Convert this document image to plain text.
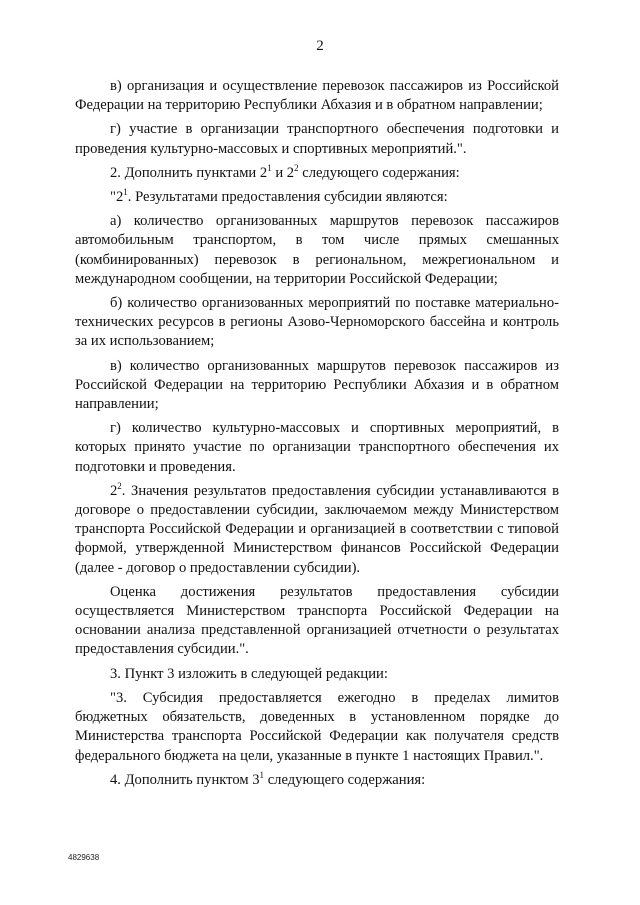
2

в) организация и осуществление перевозок пассажиров из Российской Федерации на территорию Республики Абхазия и в обратном направлении;

г) участие в организации транспортного обеспечения подготовки и проведения культурно-массовых и спортивных мероприятий.".

2. Дополнить пунктами $2^1$ и $2^2$ следующего содержания:

"$2^1$. Результатами предоставления субсидии являются:

а) количество организованных маршрутов перевозок пассажиров автомобильным транспортом, в том числе прямых смешанных (комбинированных) перевозок в региональном, межрегиональном и международном сообщении, на территории Российской Федерации;

б) количество организованных мероприятий по поставке материально-технических ресурсов в регионы Азово-Черноморского бассейна и контроль за их использованием;

в) количество организованных маршрутов перевозок пассажиров из Российской Федерации на территорию Республики Абхазия и в обратном направлении;

г) количество культурно-массовых и спортивных мероприятий, в которых принято участие по организации транспортного обеспечения их подготовки и проведения.

$2^2$. Значения результатов предоставления субсидии устанавливаются в договоре о предоставлении субсидии, заключаемом между Министерством транспорта Российской Федерации и организацией в соответствии с типовой формой, утвержденной Министерством финансов Российской Федерации (далее - договор о предоставлении субсидии).

Оценка достижения результатов предоставления субсидии осуществляется Министерством транспорта Российской Федерации на основании анализа представленной организацией отчетности о результатах предоставления субсидии.".

3. Пункт 3 изложить в следующей редакции:

"3. Субсидия предоставляется ежегодно в пределах лимитов бюджетных обязательств, доведенных в установленном порядке до Министерства транспорта Российской Федерации как получателя средств федерального бюджета на цели, указанные в пункте 1 настоящих Правил.".

4. Дополнить пунктом $3^1$ следующего содержания:

4829638
